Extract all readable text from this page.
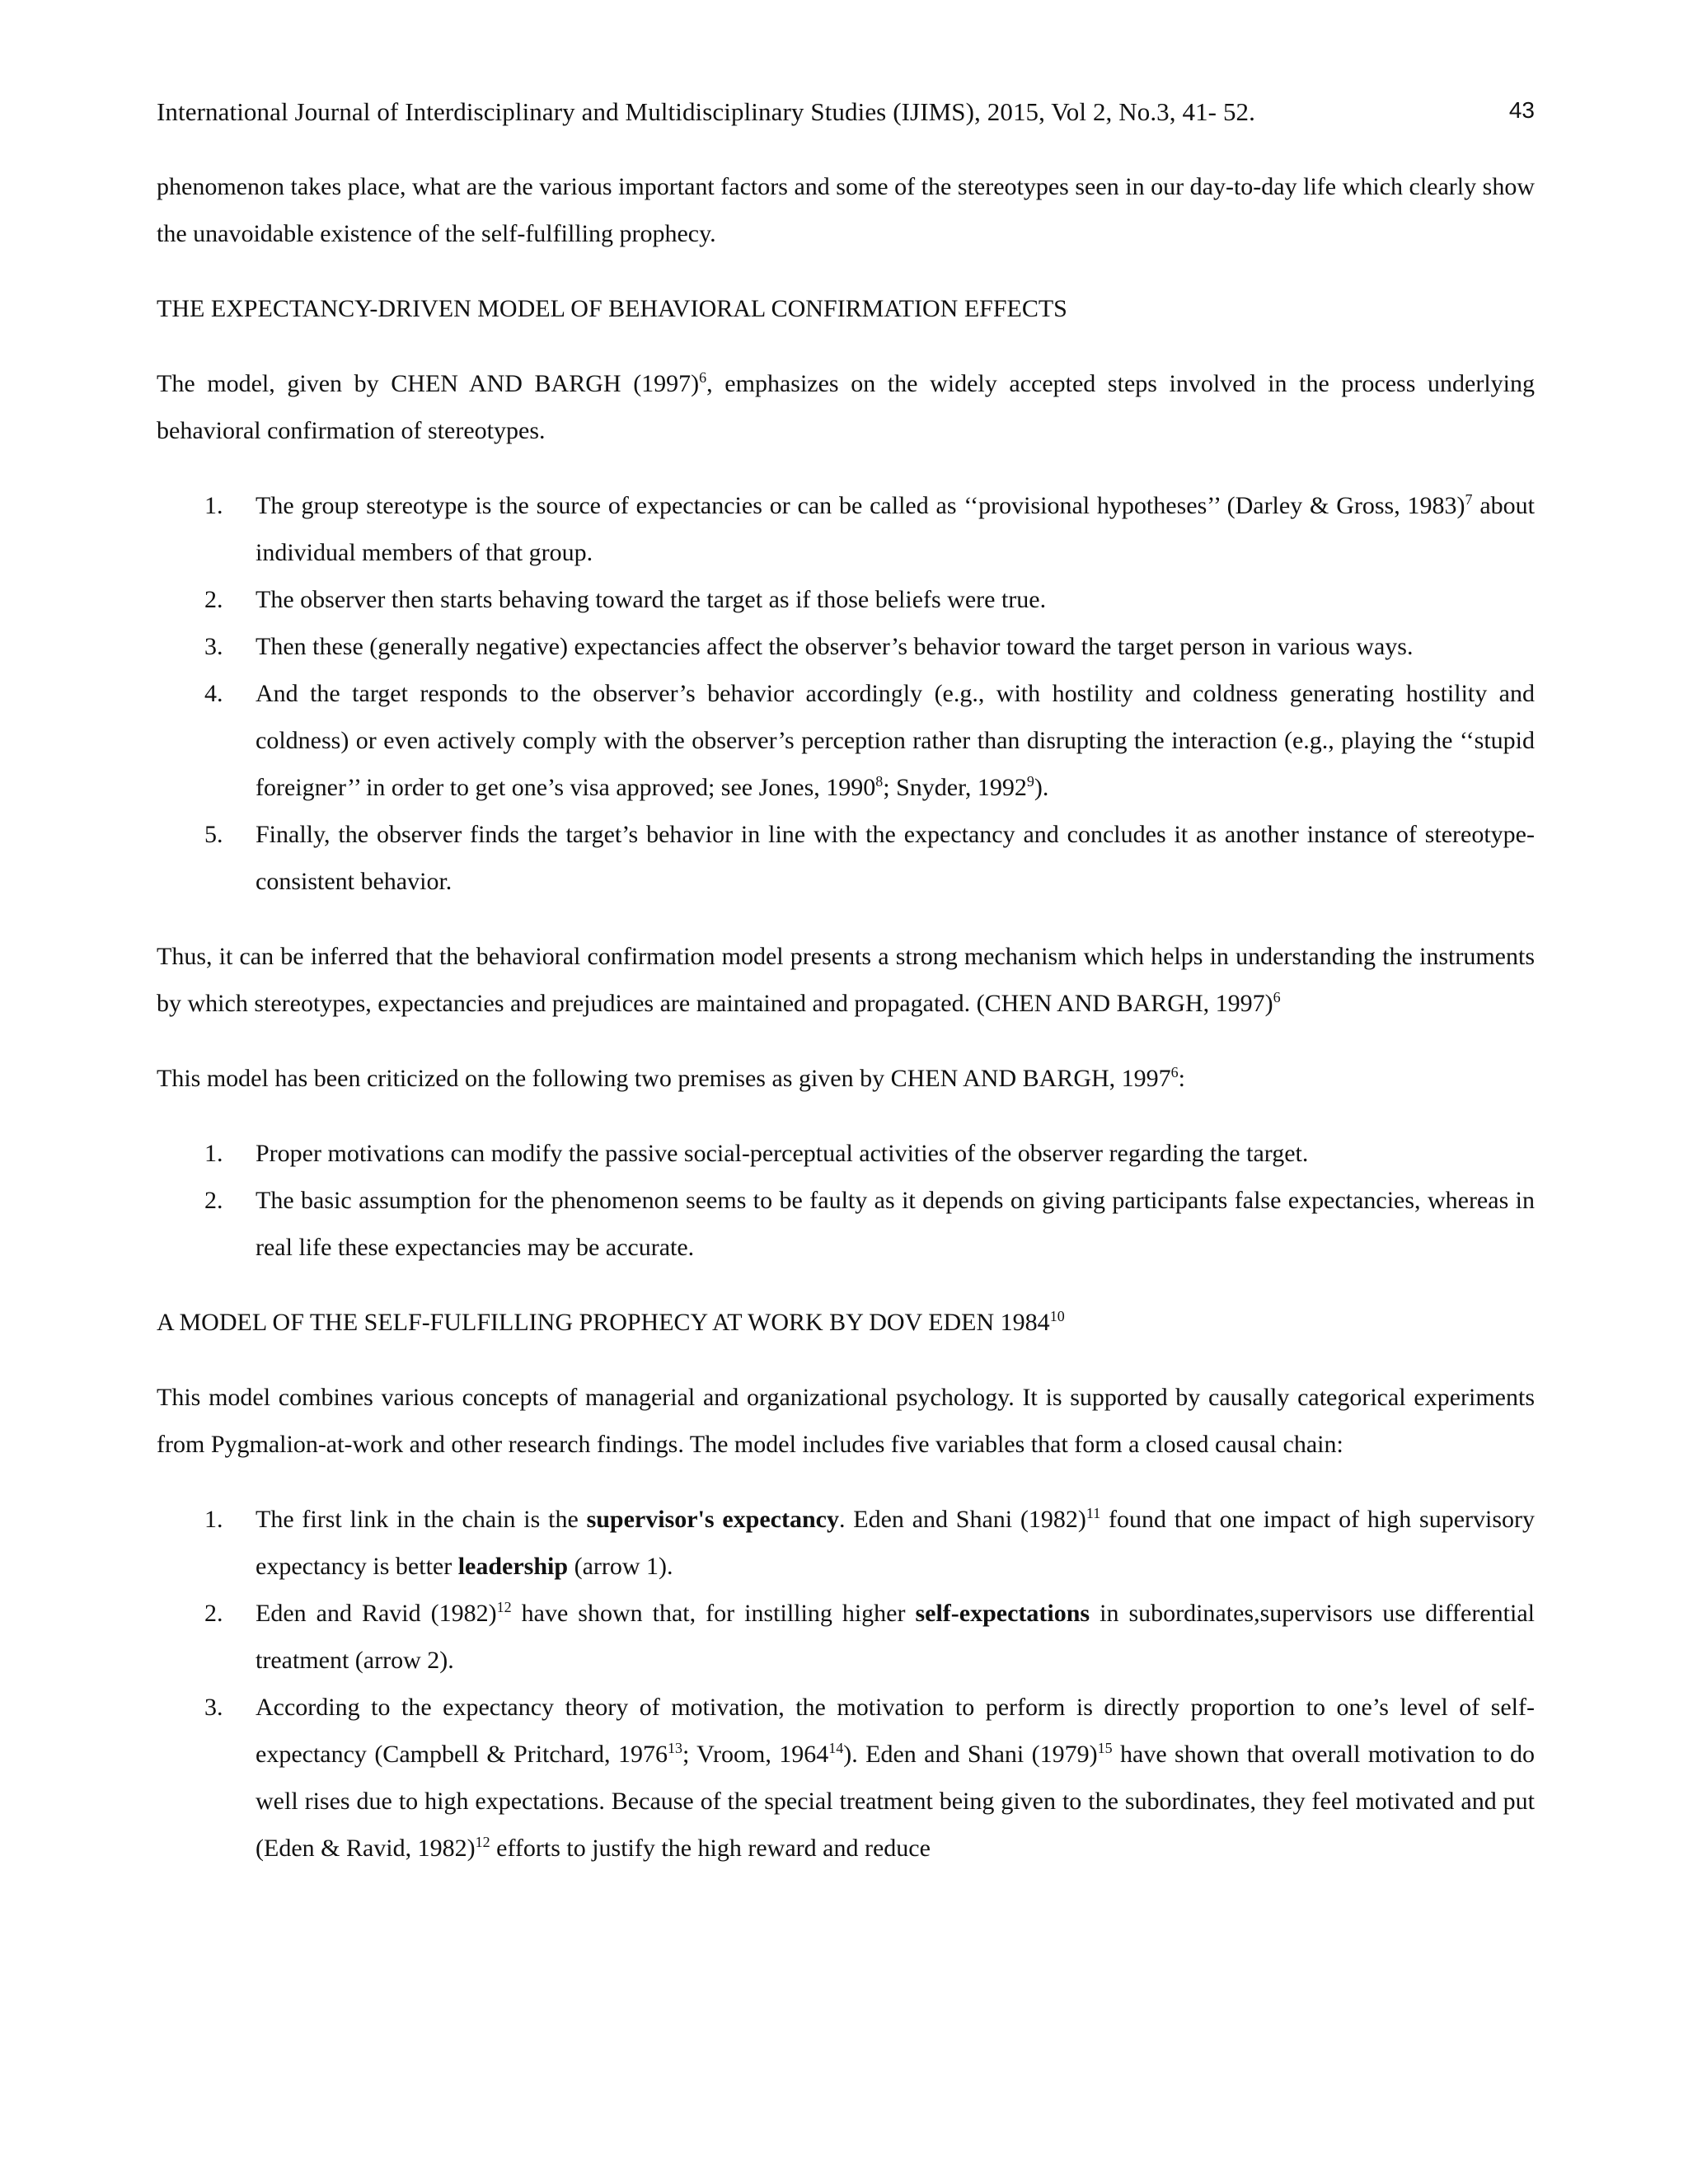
International Journal of Interdisciplinary and Multidisciplinary Studies (IJIMS), 2015, Vol 2, No.3, 41- 52.	43

phenomenon takes place, what are the various important factors and some of the stereotypes seen in our day-to-day life which clearly show the unavoidable existence of the self-fulfilling prophecy.

THE EXPECTANCY-DRIVEN MODEL OF BEHAVIORAL CONFIRMATION EFFECTS

The model, given by CHEN AND BARGH $(1997)^6$, emphasizes on the widely accepted steps involved in the process underlying behavioral confirmation of stereotypes.

1. The group stereotype is the source of expectancies or can be called as ‘‘provisional hypotheses’’ (Darley & Gross, 1983)$^7$ about individual members of that group.
2. The observer then starts behaving toward the target as if those beliefs were true.
3. Then these (generally negative) expectancies affect the observer’s behavior toward the target person in various ways.
4. And the target responds to the observer’s behavior accordingly (e.g., with hostility and coldness generating hostility and coldness) or even actively comply with the observer’s perception rather than disrupting the interaction (e.g., playing the ‘‘stupid foreigner’’ in order to get one’s visa approved; see Jones, 1990$^8$; Snyder, 1992$^9$).
5. Finally, the observer finds the target’s behavior in line with the expectancy and concludes it as another instance of stereotype-consistent behavior.

Thus, it can be inferred that the behavioral confirmation model presents a strong mechanism which helps in understanding the instruments by which stereotypes, expectancies and prejudices are maintained and propagated. (CHEN AND BARGH, 1997)$^6$

This model has been criticized on the following two premises as given by CHEN AND BARGH, 1997$^6$:

1. Proper motivations can modify the passive social-perceptual activities of the observer regarding the target.
2. The basic assumption for the phenomenon seems to be faulty as it depends on giving participants false expectancies, whereas in real life these expectancies may be accurate.

A MODEL OF THE SELF-FULFILLING PROPHECY AT WORK BY DOV EDEN 1984$^{10}$

This model combines various concepts of managerial and organizational psychology. It is supported by causally categorical experiments from Pygmalion-at-work and other research findings. The model includes five variables that form a closed causal chain:

1. The first link in the chain is the supervisor's expectancy. Eden and Shani $(1982)^{11}$ found that one impact of high supervisory expectancy is better leadership (arrow 1).
2. Eden and Ravid $(1982)^{12}$ have shown that, for instilling higher self-expectations in subordinates,supervisors use differential treatment (arrow 2).
3. According to the expectancy theory of motivation, the motivation to perform is directly proportion to one’s level of self-expectancy (Campbell & Pritchard, 1976$^{13}$; Vroom, 1964$^{14}$). Eden and Shani $(1979)^{15}$ have shown that overall motivation to do well rises due to high expectations. Because of the special treatment being given to the subordinates, they feel motivated and put (Eden & Ravid, 1982)$^{12}$ efforts to justify the high reward and reduce
